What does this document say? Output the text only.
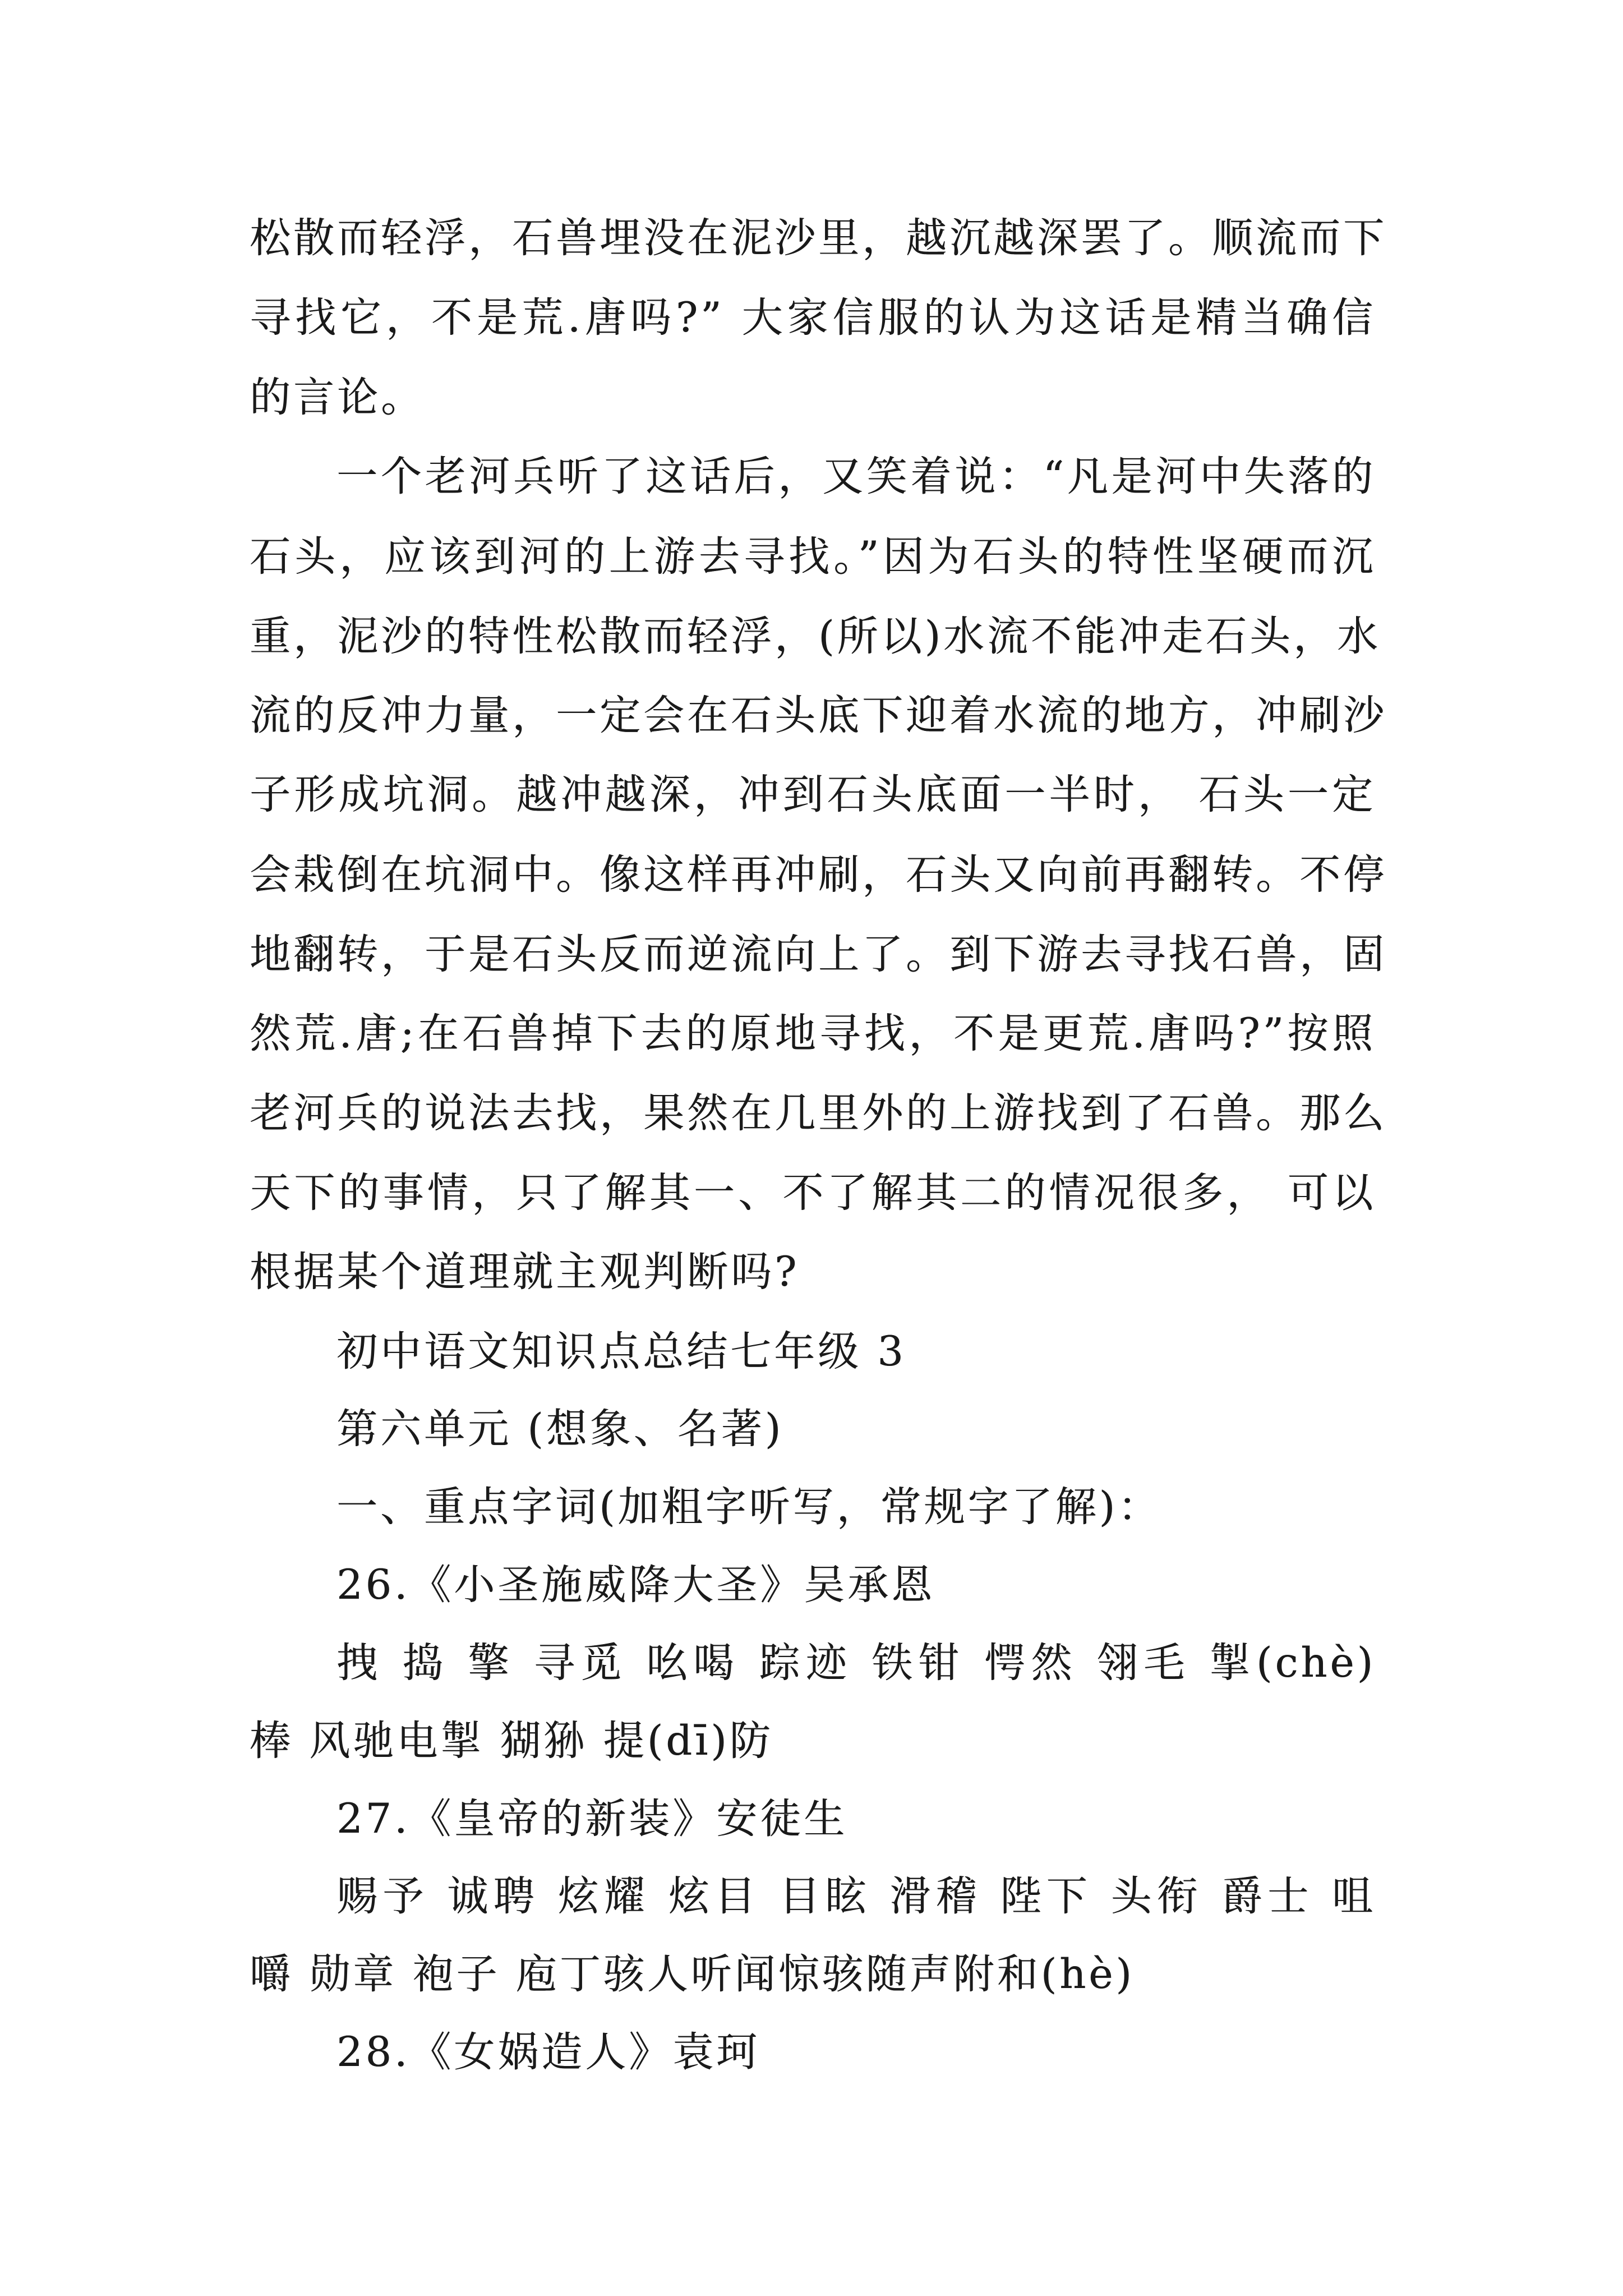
松散而轻浮，石兽埋没在泥沙里，越沉越深罢了。顺流而下
寻找它，不是荒.唐吗?” 大家信服的认为这话是精当确信
的言论。
一个老河兵听了这话后，又笑着说：“凡是河中失落的
石头，应该到河的上游去寻找。”因为石头的特性坚硬而沉
重，泥沙的特性松散而轻浮，(所以)水流不能冲走石头，水
流的反冲力量，一定会在石头底下迎着水流的地方，冲刷沙
子形成坑洞。越冲越深，冲到石头底面一半时， 石头一定
会栽倒在坑洞中。像这样再冲刷，石头又向前再翻转。不停
地翻转，于是石头反而逆流向上了。到下游去寻找石兽，固
然荒.唐;在石兽掉下去的原地寻找，不是更荒.唐吗?”按照
老河兵的说法去找，果然在几里外的上游找到了石兽。那么
天下的事情，只了解其一、不了解其二的情况很多， 可以
根据某个道理就主观判断吗?
初中语文知识点总结七年级 3
第六单元 (想象、名著)
一、重点字词(加粗字听写，常规字了解)：
26.《小圣施威降大圣》吴承恩
拽 捣 擎 寻觅 吆喝 踪迹 铁钳 愕然 翎毛 掣(chè)
棒 风驰电掣 猢狲 提(dī)防
27.《皇帝的新装》安徒生
赐予 诚聘 炫耀 炫目 目眩 滑稽 陛下 头衔 爵士 咀
嚼 勋章 袍子 庖丁骇人听闻惊骇随声附和(hè)
28.《女娲造人》袁珂
